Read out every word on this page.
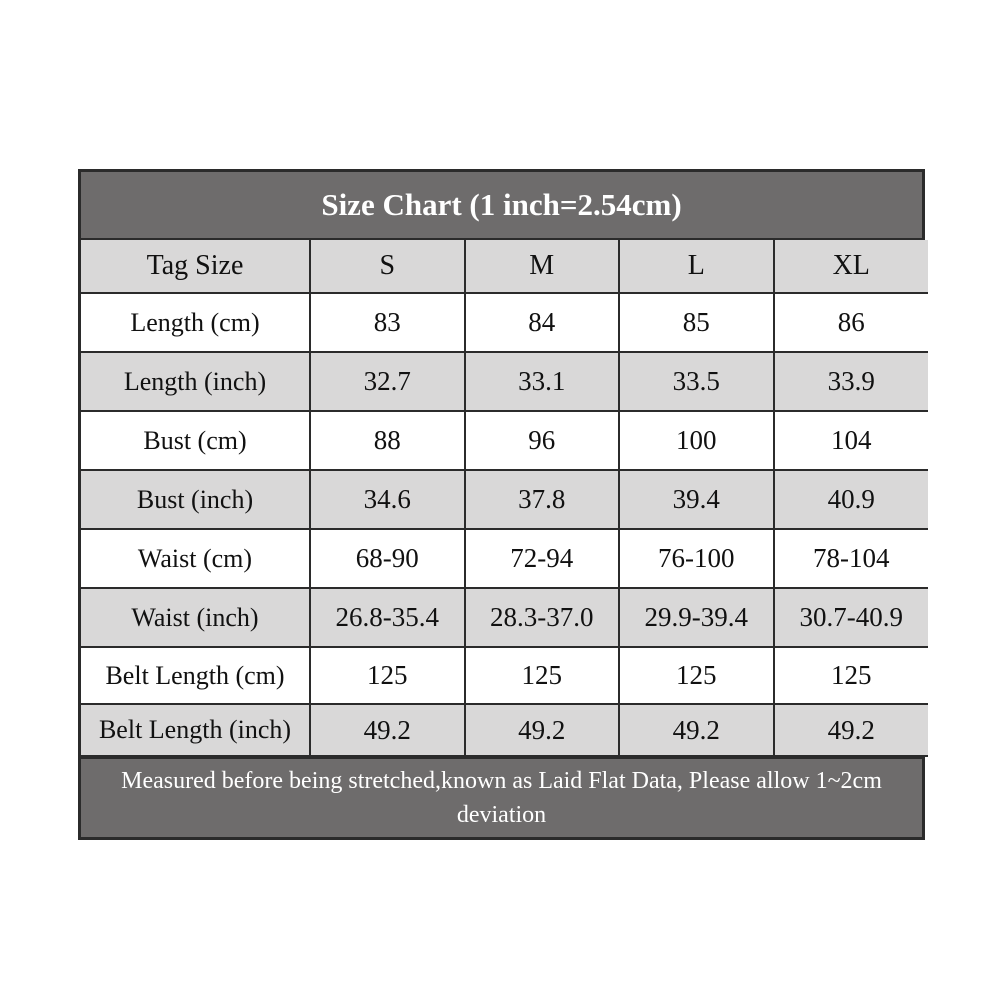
Size Chart (1 inch=2.54cm)
Tag Size	S	M	L	XL
Length (cm)	83	84	85	86
Length (inch)	32.7	33.1	33.5	33.9
Bust (cm)	88	96	100	104
Bust (inch)	34.6	37.8	39.4	40.9
Waist (cm)	68-90	72-94	76-100	78-104
Waist (inch)	26.8-35.4	28.3-37.0	29.9-39.4	30.7-40.9
Belt Length (cm)	125	125	125	125
Belt Length (inch)	49.2	49.2	49.2	49.2
Measured before being stretched,known as Laid Flat Data, Please allow 1~2cm deviation
